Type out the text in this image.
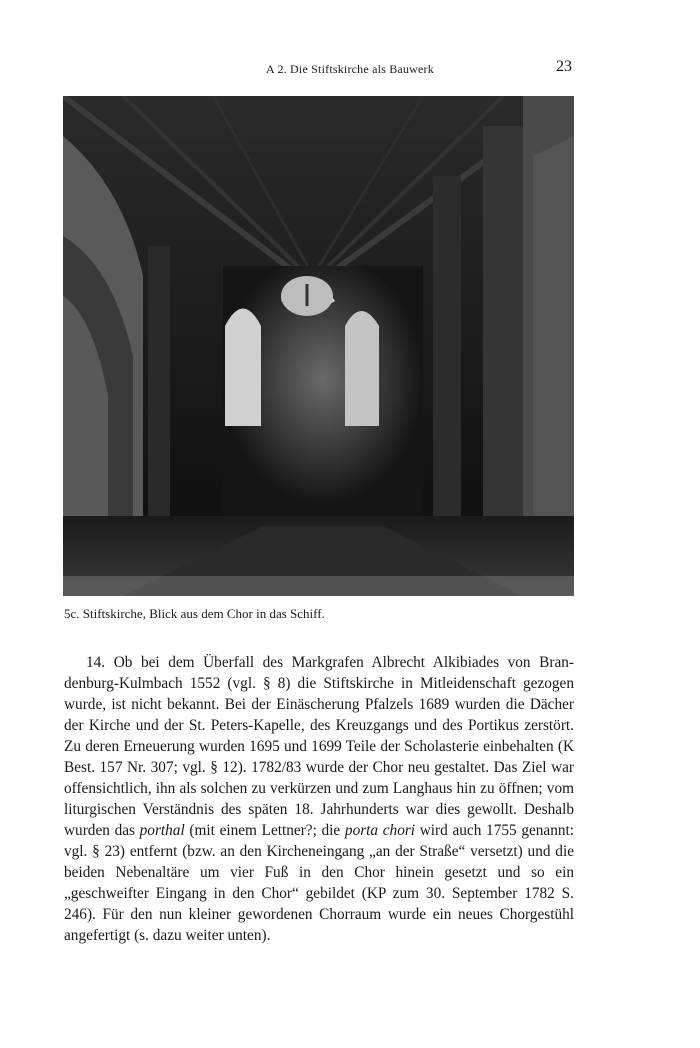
A 2. Die Stiftskirche als Bauwerk	23
5c. Stiftskirche, Blick aus dem Chor in das Schiff.

14. Ob bei dem Überfall des Markgrafen Albrecht Alkibiades von Brandenburg-Kulmbach 1552 (vgl. § 8) die Stiftskirche in Mitleidenschaft gezogen wurde, ist nicht bekannt. Bei der Einäscherung Pfalzels 1689 wurden die Dächer der Kirche und der St. Peters-Kapelle, des Kreuzgangs und des Portikus zerstört. Zu deren Erneuerung wurden 1695 und 1699 Teile der Scholasterie einbehalten (K Best. 157 Nr. 307; vgl. § 12). 1782/83 wurde der Chor neu gestaltet. Das Ziel war offensichtlich, ihn als solchen zu verkürzen und zum Langhaus hin zu öffnen; vom liturgischen Verständnis des späten 18. Jahrhunderts war dies gewollt. Deshalb wurden das porthal (mit einem Lettner?; die porta chori wird auch 1755 genannt: vgl. § 23) entfernt (bzw. an den Kircheneingang „an der Straße“ versetzt) und die beiden Nebenaltäre um vier Fuß in den Chor hinein gesetzt und so ein „geschweifter Eingang in den Chor“ gebildet (KP zum 30. September 1782 S. 246). Für den nun kleiner gewordenen Chorraum wurde ein neues Chorgestühl angefertigt (s. dazu weiter unten).
